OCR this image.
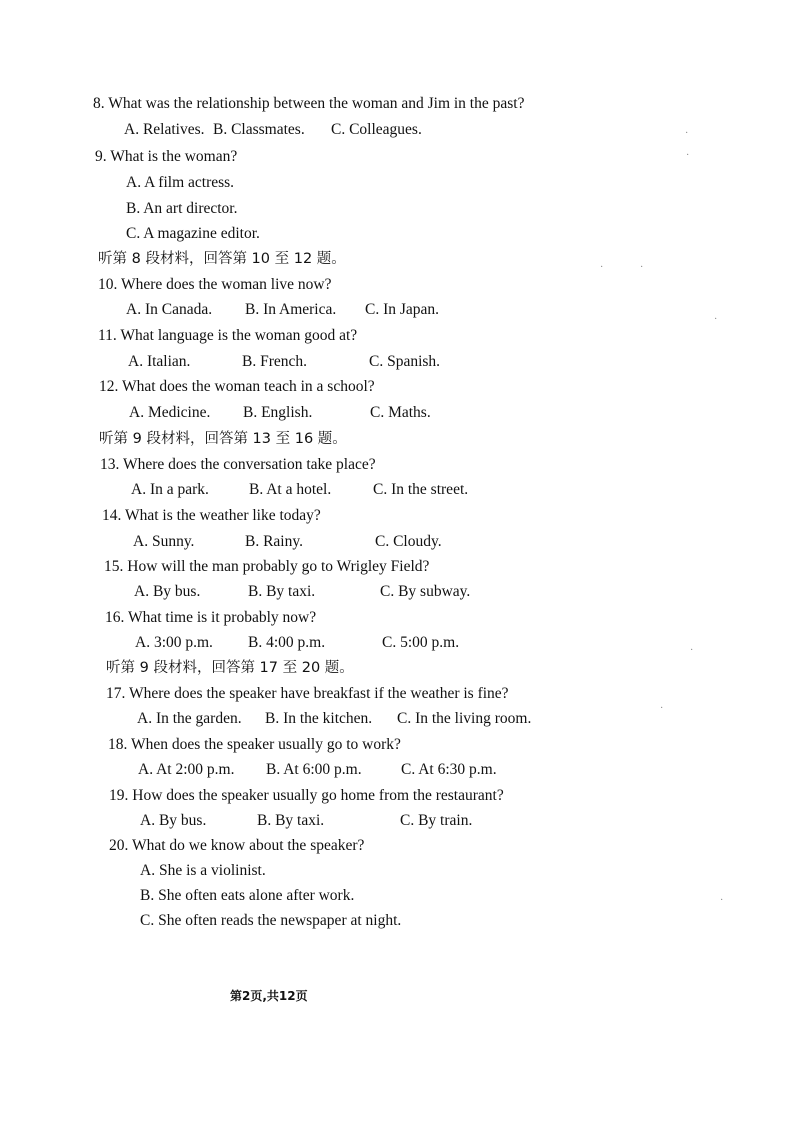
8. What was the relationship between the woman and Jim in the past?
A. Relatives. B. Classmates. C. Colleagues.
9. What is the woman?
A. A film actress.
B. An art director.
C. A magazine editor.
听第 8 段材料，回答第 10 至 12 题。
10. Where does the woman live now?
A. In Canada. B. In America. C. In Japan.
11. What language is the woman good at?
A. Italian.	B. French.	C. Spanish.
12. What does the woman teach in a school?
A. Medicine. B. English.	C. Maths.
听第 9 段材料，回答第 13 至 16 题。
13. Where does the conversation take place?
A. In a park.	B. At a hotel.	C. In the street.
14. What is the weather like today?
A. Sunny.	B. Rainy.	C. Cloudy.
15. How will the man probably go to Wrigley Field?
A. By bus.	B. By taxi.	C. By subway.
16. What time is it probably now?
A. 3:00 p.m. B. 4:00 p.m.	C. 5:00 p.m.
听第 9 段材料，回答第 17 至 20 题。
17. Where does the speaker have breakfast if the weather is fine?
A. In the garden. B. In the kitchen. C. In the living room.
18. When does the speaker usually go to work?
A. At 2:00 p.m. B. At 6:00 p.m.	C. At 6:30 p.m.
19. How does the speaker usually go home from the restaurant?
A. By bus.	B. By taxi.	C. By train.
20. What do we know about the speaker?
A. She is a violinist.
B. She often eats alone after work.
C. She often reads the newspaper at night.
第2页,共12页
·
·
·	·
·
·
·
·
